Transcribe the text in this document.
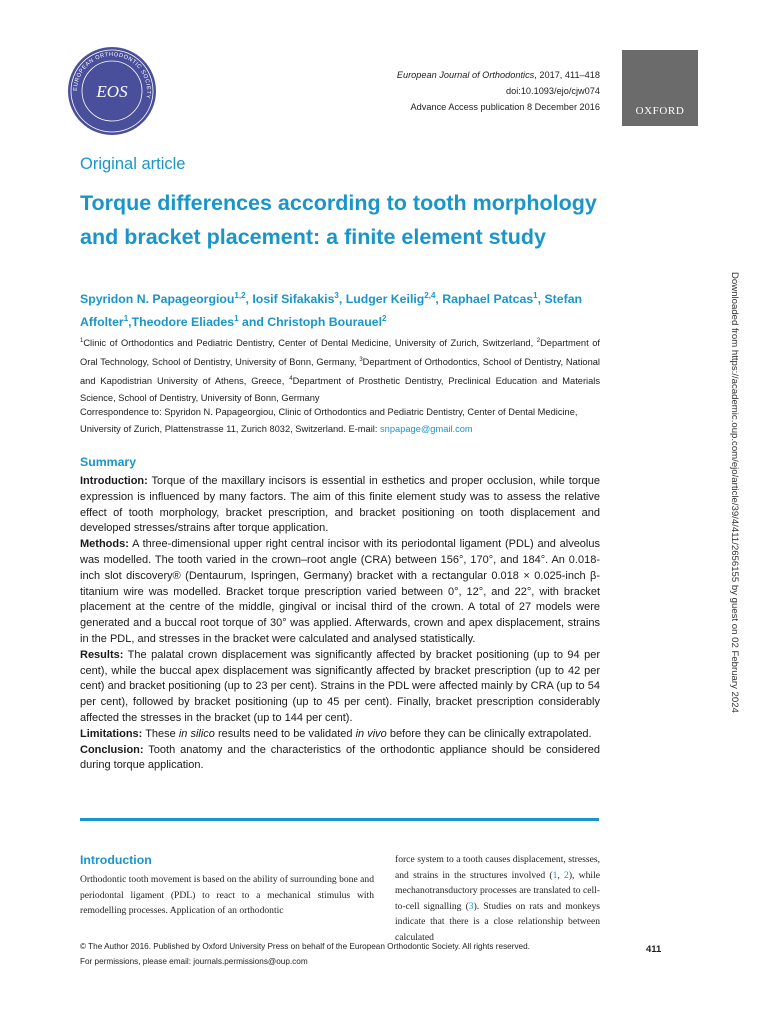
EUROPEAN ORTHODONTIC SOCIETY
EOS
European Journal of Orthodontics, 2017, 411–418
doi:10.1093/ejo/cjw074
Advance Access publication 8 December 2016	OXFORD
Original article
Torque differences according to tooth morphology and bracket placement: a finite element study
Spyridon N. Papageorgiou$^{1,2}$, Iosif Sifakakis$^3$, Ludger Keilig$^{2,4}$, Raphael Patcas$^1$, Stefan Affolter$^1$,Theodore Eliades$^1$ and Christoph Bourauel$^2$
$^1$Clinic of Orthodontics and Pediatric Dentistry, Center of Dental Medicine, University of Zurich, Switzerland, $^2$Department of Oral Technology, School of Dentistry, University of Bonn, Germany, $^3$Department of Orthodontics, School of Dentistry, National and Kapodistrian University of Athens, Greece, $^4$Department of Prosthetic Dentistry, Preclinical Education and Materials Science, School of Dentistry, University of Bonn, Germany
Correspondence to: Spyridon N. Papageorgiou, Clinic of Orthodontics and Pediatric Dentistry, Center of Dental Medicine, University of Zurich, Plattenstrasse 11, Zurich 8032, Switzerland. E-mail: snpapage@gmail.com
Summary

Introduction: Torque of the maxillary incisors is essential in esthetics and proper occlusion, while torque expression is influenced by many factors. The aim of this finite element study was to assess the relative effect of tooth morphology, bracket prescription, and bracket positioning on tooth displacement and developed stresses/strains after torque application.

Methods: A three-dimensional upper right central incisor with its periodontal ligament (PDL) and alveolus was modelled. The tooth varied in the crown–root angle (CRA) between 156°, 170°, and 184°. An 0.018-inch slot discovery® (Dentaurum, Ispringen, Germany) bracket with a rectangular 0.018 × 0.025-inch β-titanium wire was modelled. Bracket torque prescription varied between 0°, 12°, and 22°, with bracket placement at the centre of the middle, gingival or incisal third of the crown. A total of 27 models were generated and a buccal root torque of 30° was applied. Afterwards, crown and apex displacement, strains in the PDL, and stresses in the bracket were calculated and analysed statistically.

Results: The palatal crown displacement was significantly affected by bracket positioning (up to 94 per cent), while the buccal apex displacement was significantly affected by bracket prescription (up to 42 per cent) and bracket positioning (up to 23 per cent). Strains in the PDL were affected mainly by CRA (up to 54 per cent), followed by bracket positioning (up to 45 per cent). Finally, bracket prescription considerably affected the stresses in the bracket (up to 144 per cent).

Limitations: These in silico results need to be validated in vivo before they can be clinically extrapolated.

Conclusion: Tooth anatomy and the characteristics of the orthodontic appliance should be considered during torque application.

Introduction
Orthodontic tooth movement is based on the ability of surrounding bone and periodontal ligament (PDL) to react to a mechanical stimulus with remodelling processes. Application of an orthodontic
force system to a tooth causes displacement, stresses, and strains in the structures involved (1, 2), while mechanotransductory processes are translated to cell-to-cell signalling (3). Studies on rats and monkeys indicate that there is a close relationship between calculated
© The Author 2016. Published by Oxford University Press on behalf of the European Orthodontic Society. All rights reserved.
For permissions, please email: journals.permissions@oup.com
411
Downloaded from https://academic.oup.com/ejo/article/39/4/411/2656155 by guest on 02 February 2024
